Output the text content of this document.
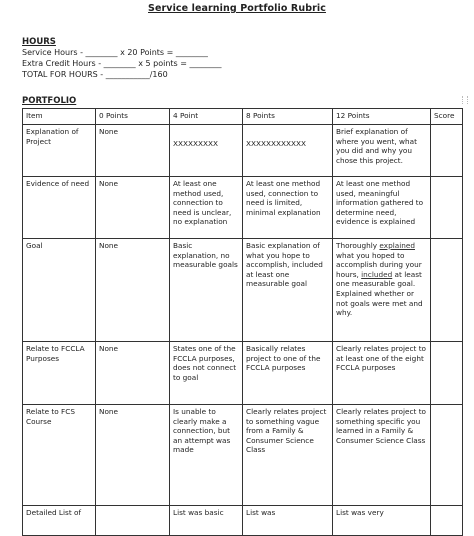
Service learning Portfolio Rubric
HOURS
Service Hours - ________ x 20 Points = ________
Extra Credit Hours - ________ x 5 points = ________
TOTAL FOR HOURS - ___________/160
PORTFOLIO
Item	0 Points	4 Point	8 Points	12 Points	Score
Explanation of Project	None	XXXXXXXXX	XXXXXXXXXXXX	Brief explanation of where you went, what you did and why you chose this project.	
Evidence of need	None	At least one method used, connection to need is unclear, no explanation	At least one method used, connection to need is limited, minimal explanation	At least one method used, meaningful information gathered to determine need, evidence is explained	
Goal	None	Basic explanation, no measurable goals	Basic explanation of what you hope to accomplish, included at least one measurable goal	Thoroughly explained what you hoped to accomplish during your hours, included at least one measurable goal. Explained whether or not goals were met and why.	
Relate to FCCLA Purposes	None	States one of the FCCLA purposes, does not connect to goal	Basically relates project to one of the FCCLA purposes	Clearly relates project to at least one of the eight FCCLA purposes	
Relate to FCS Course	None	Is unable to clearly make a connection, but an attempt was made	Clearly relates project to something vague from a Family & Consumer Science Class	Clearly relates project to something specific you learned in a Family & Consumer Science Class	
Detailed List of		List was basic	List was	List was very	
